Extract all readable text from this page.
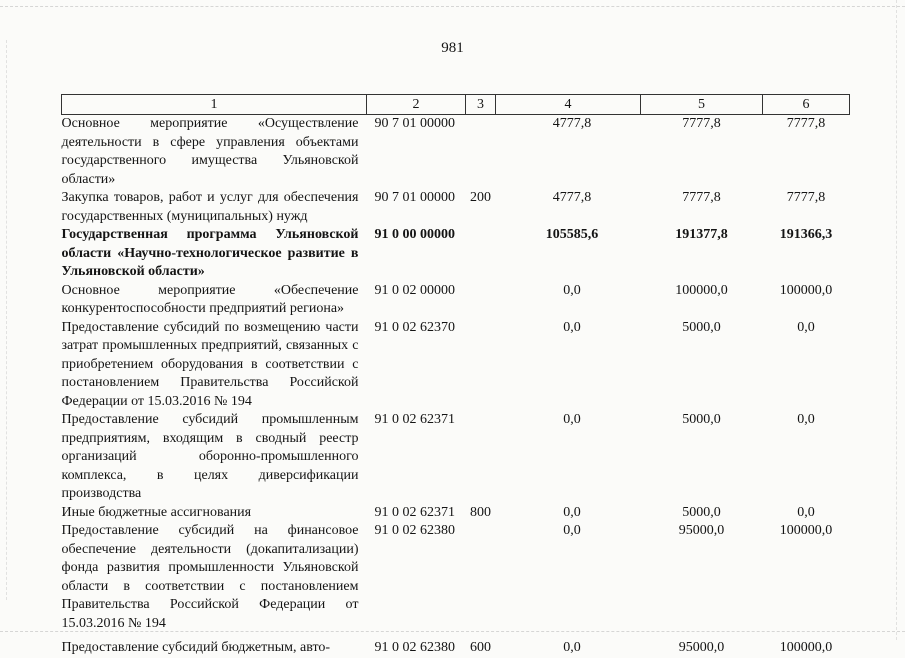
981
1	2	3	4	5	6
Основное мероприятие «Осуществление деятельности в сфере управления объектами государственного имущества Ульяновской области»	90 7 01 00000		4777,8	7777,8	7777,8
Закупка товаров, работ и услуг для обеспечения государственных (муниципальных) нужд	90 7 01 00000	200	4777,8	7777,8	7777,8
Государственная программа Ульяновской области «Научно-технологическое развитие в Ульяновской области»	91 0 00 00000		105585,6	191377,8	191366,3
Основное мероприятие «Обеспечение конкурентоспособности предприятий региона»	91 0 02 00000		0,0	100000,0	100000,0
Предоставление субсидий по возмещению части затрат промышленных предприятий, связанных с приобретением оборудования в соответствии с постановлением Правительства Российской Федерации от 15.03.2016 № 194	91 0 02 62370		0,0	5000,0	0,0
Предоставление субсидий промышленным предприятиям, входящим в сводный реестр организаций оборонно-промышленного комплекса, в целях диверсификации производства	91 0 02 62371		0,0	5000,0	0,0
Иные бюджетные ассигнования	91 0 02 62371	800	0,0	5000,0	0,0
Предоставление субсидий на финансовое обеспечение деятельности (докапитализации) фонда развития промышленности Ульяновской области в соответствии с постановлением Правительства Российской Федерации от 15.03.2016 № 194	91 0 02 62380		0,0	95000,0	100000,0
Предоставление субсидий бюджетным, авто-	91 0 02 62380	600	0,0	95000,0	100000,0
